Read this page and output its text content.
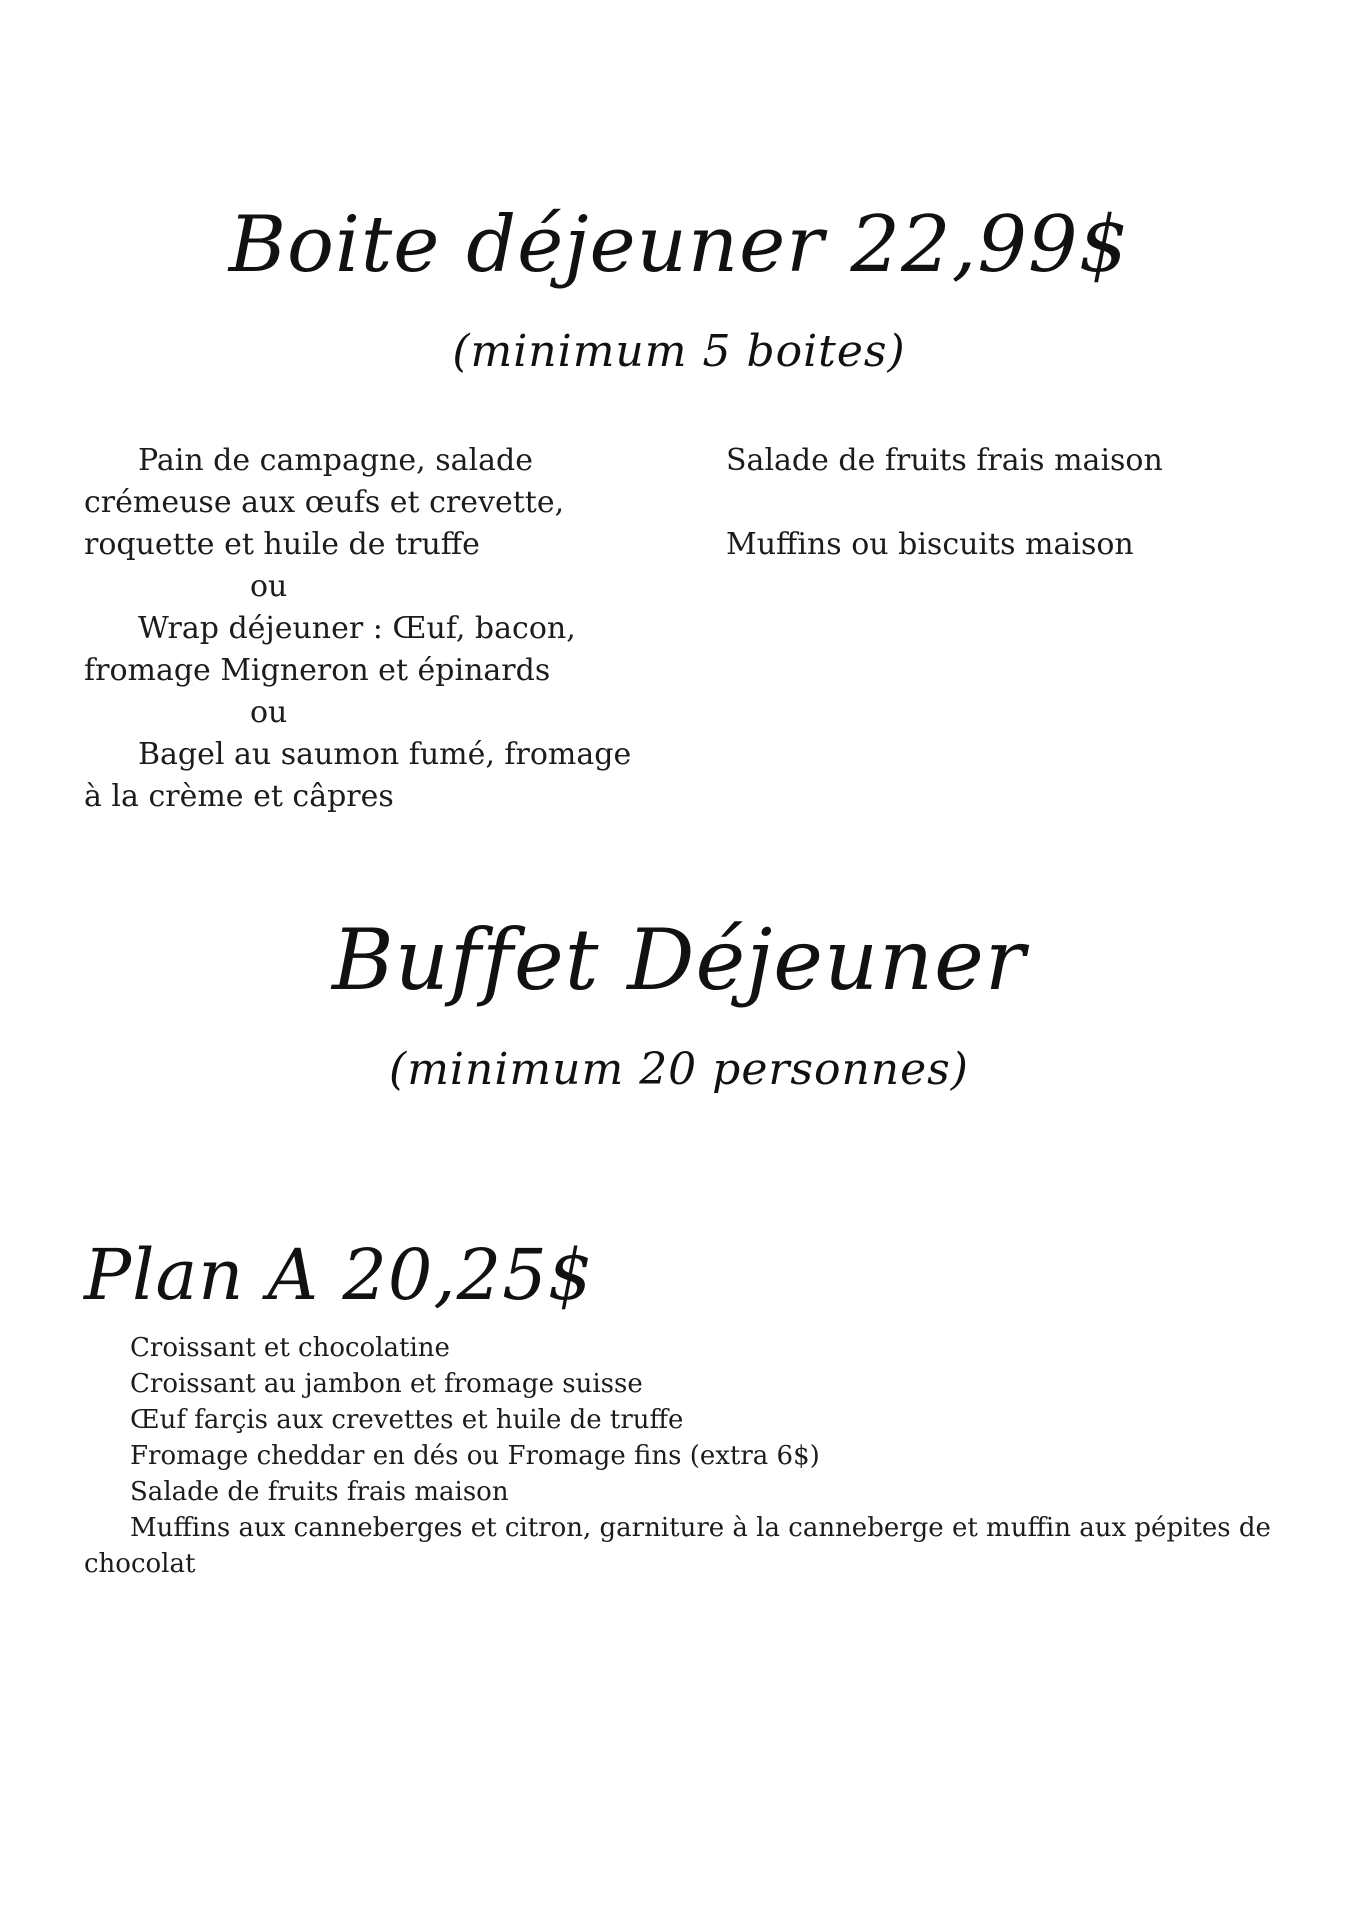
Boite déjeuner 22,99$
(minimum 5 boites)

Pain de campagne, salade

crémeuse aux œufs et crevette,

roquette et huile de truffe

ou

Wrap déjeuner : Œuf, bacon,

fromage Migneron et épinards

ou

Bagel au saumon fumé, fromage

à la crème et câpres

Salade de fruits frais maison

Muffins ou biscuits maison

Buffet Déjeuner
(minimum 20 personnes)
Plan A 20,25$

Croissant et chocolatine

Croissant au jambon et fromage suisse

Œuf farçis aux crevettes et huile de truffe

Fromage cheddar en dés ou Fromage fins (extra 6$)

Salade de fruits frais maison

Muffins aux canneberges et citron, garniture à la canneberge et muffin aux pépites de chocolat
